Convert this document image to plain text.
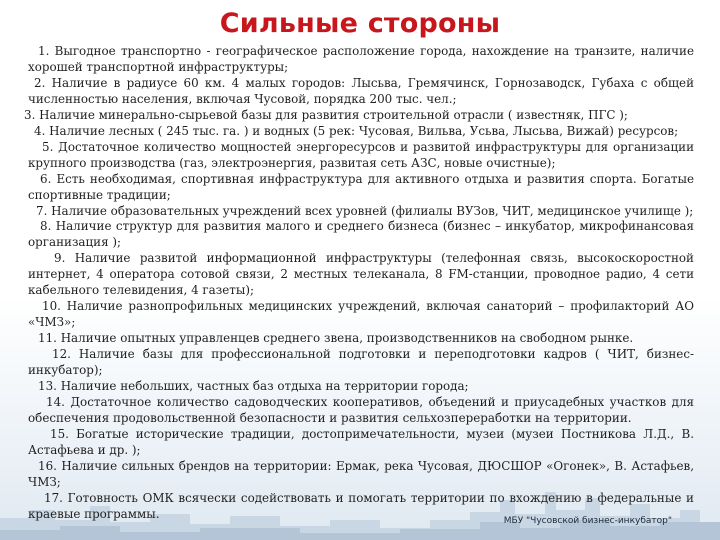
Сильные стороны

1. Выгодное транспортно - географическое расположение города, нахождение на транзите, наличие хорошей транспортной инфраструктуры;

2. Наличие в радиусе 60 км. 4 малых городов: Лысьва, Гремячинск, Горнозаводск, Губаха с общей численностью населения, включая Чусовой, порядка 200 тыс. чел.;

3. Наличие минерально-сырьевой базы для развития строительной отрасли ( известняк, ПГС );

4. Наличие лесных ( 245 тыс. га. ) и водных (5 рек: Чусовая, Вильва, Усьва, Лысьва, Вижай) ресурсов;

5. Достаточное количество мощностей энергоресурсов и развитой инфраструктуры для организации крупного производства (газ, электроэнергия, развитая сеть АЗС, новые очистные);

6. Есть необходимая, спортивная инфраструктура для активного отдыха и развития спорта. Богатые спортивные традиции;

7. Наличие образовательных учреждений всех уровней (филиалы ВУЗов, ЧИТ, медицинское училище );

8. Наличие структур для развития малого и среднего бизнеса (бизнес – инкубатор, микрофинансовая организация );

9. Наличие развитой информационной инфраструктуры (телефонная связь, высокоскоростной интернет, 4 оператора сотовой связи, 2 местных телеканала, 8 FM-станции, проводное радио, 4 сети кабельного телевидения, 4 газеты);

10. Наличие разнопрофильных медицинских учреждений, включая санаторий – профилакторий АО «ЧМЗ»;

11. Наличие опытных управленцев среднего звена, производственников на свободном рынке.

12. Наличие базы для профессиональной подготовки и переподготовки кадров ( ЧИТ, бизнес-инкубатор);

13. Наличие небольших, частных баз отдыха на территории города;

14. Достаточное количество садоводческих кооперативов, объедений и приусадебных участков для обеспечения продовольственной безопасности и развития сельхозпереработки на территории.

15. Богатые исторические традиции, достопримечательности, музеи (музеи Постникова Л.Д., В. Астафьева и др. );

16. Наличие сильных брендов на территории: Ермак, река Чусовая, ДЮСШОР «Огонек», В. Астафьев, ЧМЗ;

17. Готовность ОМК всячески содействовать и помогать территории по вхождению в федеральные и краевые программы.

МБУ "Чусовской бизнес-инкубатор"
